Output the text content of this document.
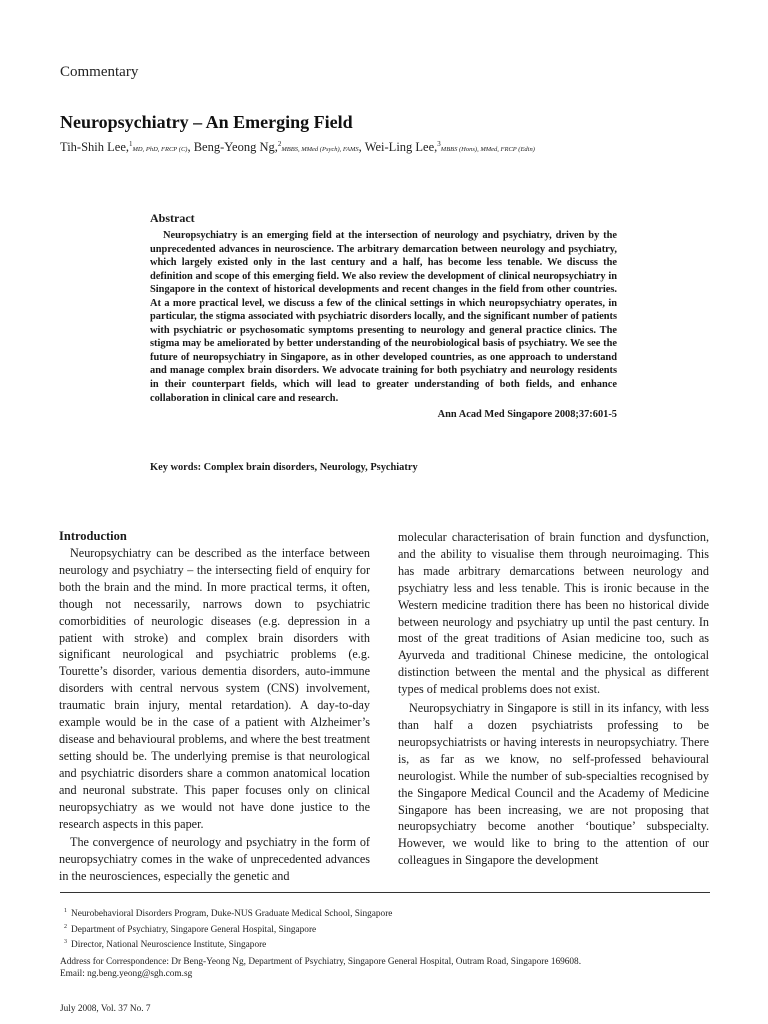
Commentary
Neuropsychiatry – An Emerging Field
Tih-Shih Lee,$^1$MD, PhD, FRCP (C), Beng-Yeong Ng,$^2$MBBS, MMed (Psych), FAMS, Wei-Ling Lee,$^3$MBBS (Hons), MMed, FRCP (Edin)
Abstract

Neuropsychiatry is an emerging field at the intersection of neurology and psychiatry, driven by the unprecedented advances in neuroscience. The arbitrary demarcation between neurology and psychiatry, which largely existed only in the last century and a half, has become less tenable. We discuss the definition and scope of this emerging field. We also review the development of clinical neuropsychiatry in Singapore in the context of historical developments and recent changes in the field from other countries. At a more practical level, we discuss a few of the clinical settings in which neuropsychiatry operates, in particular, the stigma associated with psychiatric disorders locally, and the significant number of patients with psychiatric or psychosomatic symptoms presenting to neurology and general practice clinics. The stigma may be ameliorated by better understanding of the neurobiological basis of psychiatry. We see the future of neuropsychiatry in Singapore, as in other developed countries, as one approach to understand and manage complex brain disorders. We advocate training for both psychiatry and neurology residents in their counterpart fields, which will lead to greater understanding of both fields, and enhance collaboration in clinical care and research.

Ann Acad Med Singapore 2008;37:601-5
Key words: Complex brain disorders, Neurology, Psychiatry
Introduction

Neuropsychiatry can be described as the interface between neurology and psychiatry – the intersecting field of enquiry for both the brain and the mind. In more practical terms, it often, though not necessarily, narrows down to psychiatric comorbidities of neurologic diseases (e.g. depression in a patient with stroke) and complex brain disorders with significant neurological and psychiatric problems (e.g. Tourette’s disorder, various dementia disorders, auto-immune disorders with central nervous system (CNS) involvement, traumatic brain injury, mental retardation). A day-to-day example would be in the case of a patient with Alzheimer’s disease and behavioural problems, and where the best treatment setting should be. The underlying premise is that neurological and psychiatric disorders share a common anatomical location and neuronal substrate. This paper focuses only on clinical neuropsychiatry as we would not have done justice to the research aspects in this paper.

The convergence of neurology and psychiatry in the form of neuropsychiatry comes in the wake of unprecedented advances in the neurosciences, especially the genetic and

molecular characterisation of brain function and dysfunction, and the ability to visualise them through neuroimaging. This has made arbitrary demarcations between neurology and psychiatry less and less tenable. This is ironic because in the Western medicine tradition there has been no historical divide between neurology and psychiatry up until the past century. In most of the great traditions of Asian medicine too, such as Ayurveda and traditional Chinese medicine, the ontological distinction between the mental and the physical as different types of medical problems does not exist.

Neuropsychiatry in Singapore is still in its infancy, with less than half a dozen psychiatrists professing to be neuropsychiatrists or having interests in neuropsychiatry. There is, as far as we know, no self-professed behavioural neurologist. While the number of sub-specialties recognised by the Singapore Medical Council and the Academy of Medicine Singapore has been increasing, we are not proposing that neuropsychiatry become another ‘boutique’ subspecialty. However, we would like to bring to the attention of our colleagues in Singapore the development

$^1$ Neurobehavioral Disorders Program, Duke-NUS Graduate Medical School, Singapore
$^2$ Department of Psychiatry, Singapore General Hospital, Singapore
$^3$ Director, National Neuroscience Institute, Singapore
Address for Correspondence: Dr Beng-Yeong Ng, Department of Psychiatry, Singapore General Hospital, Outram Road, Singapore 169608.
Email: ng.beng.yeong@sgh.com.sg
July 2008, Vol. 37 No. 7
